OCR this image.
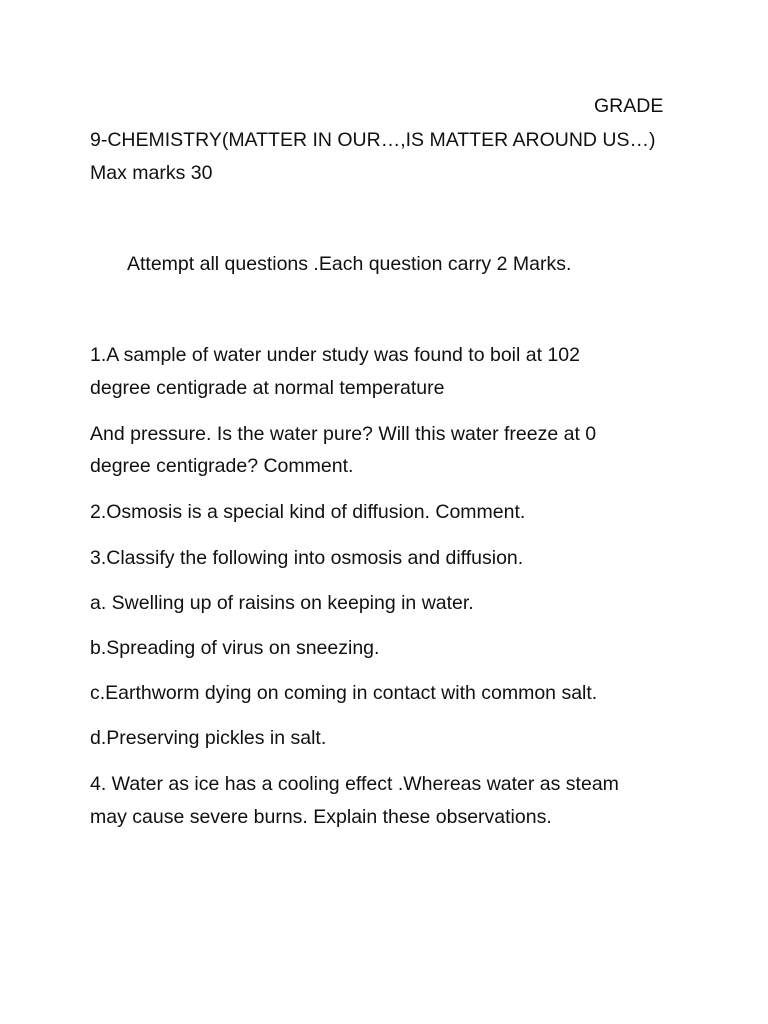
GRADE
9-CHEMISTRY(MATTER IN OUR…,IS MATTER AROUND US…)
Max marks 30
Attempt all questions .Each question carry 2 Marks.
1.A sample of water under study was found to boil at 102
degree centigrade at normal temperature
And pressure. Is the water pure? Will this water freeze at 0
degree centigrade? Comment.
2.Osmosis is a special kind of diffusion. Comment.
3.Classify the following into osmosis and diffusion.
a. Swelling up of raisins on keeping in water.
b.Spreading of virus on sneezing.
c.Earthworm dying on coming in contact with common salt.
d.Preserving pickles in salt.
4. Water as ice has a cooling effect .Whereas water as steam
may cause severe burns. Explain these observations.
